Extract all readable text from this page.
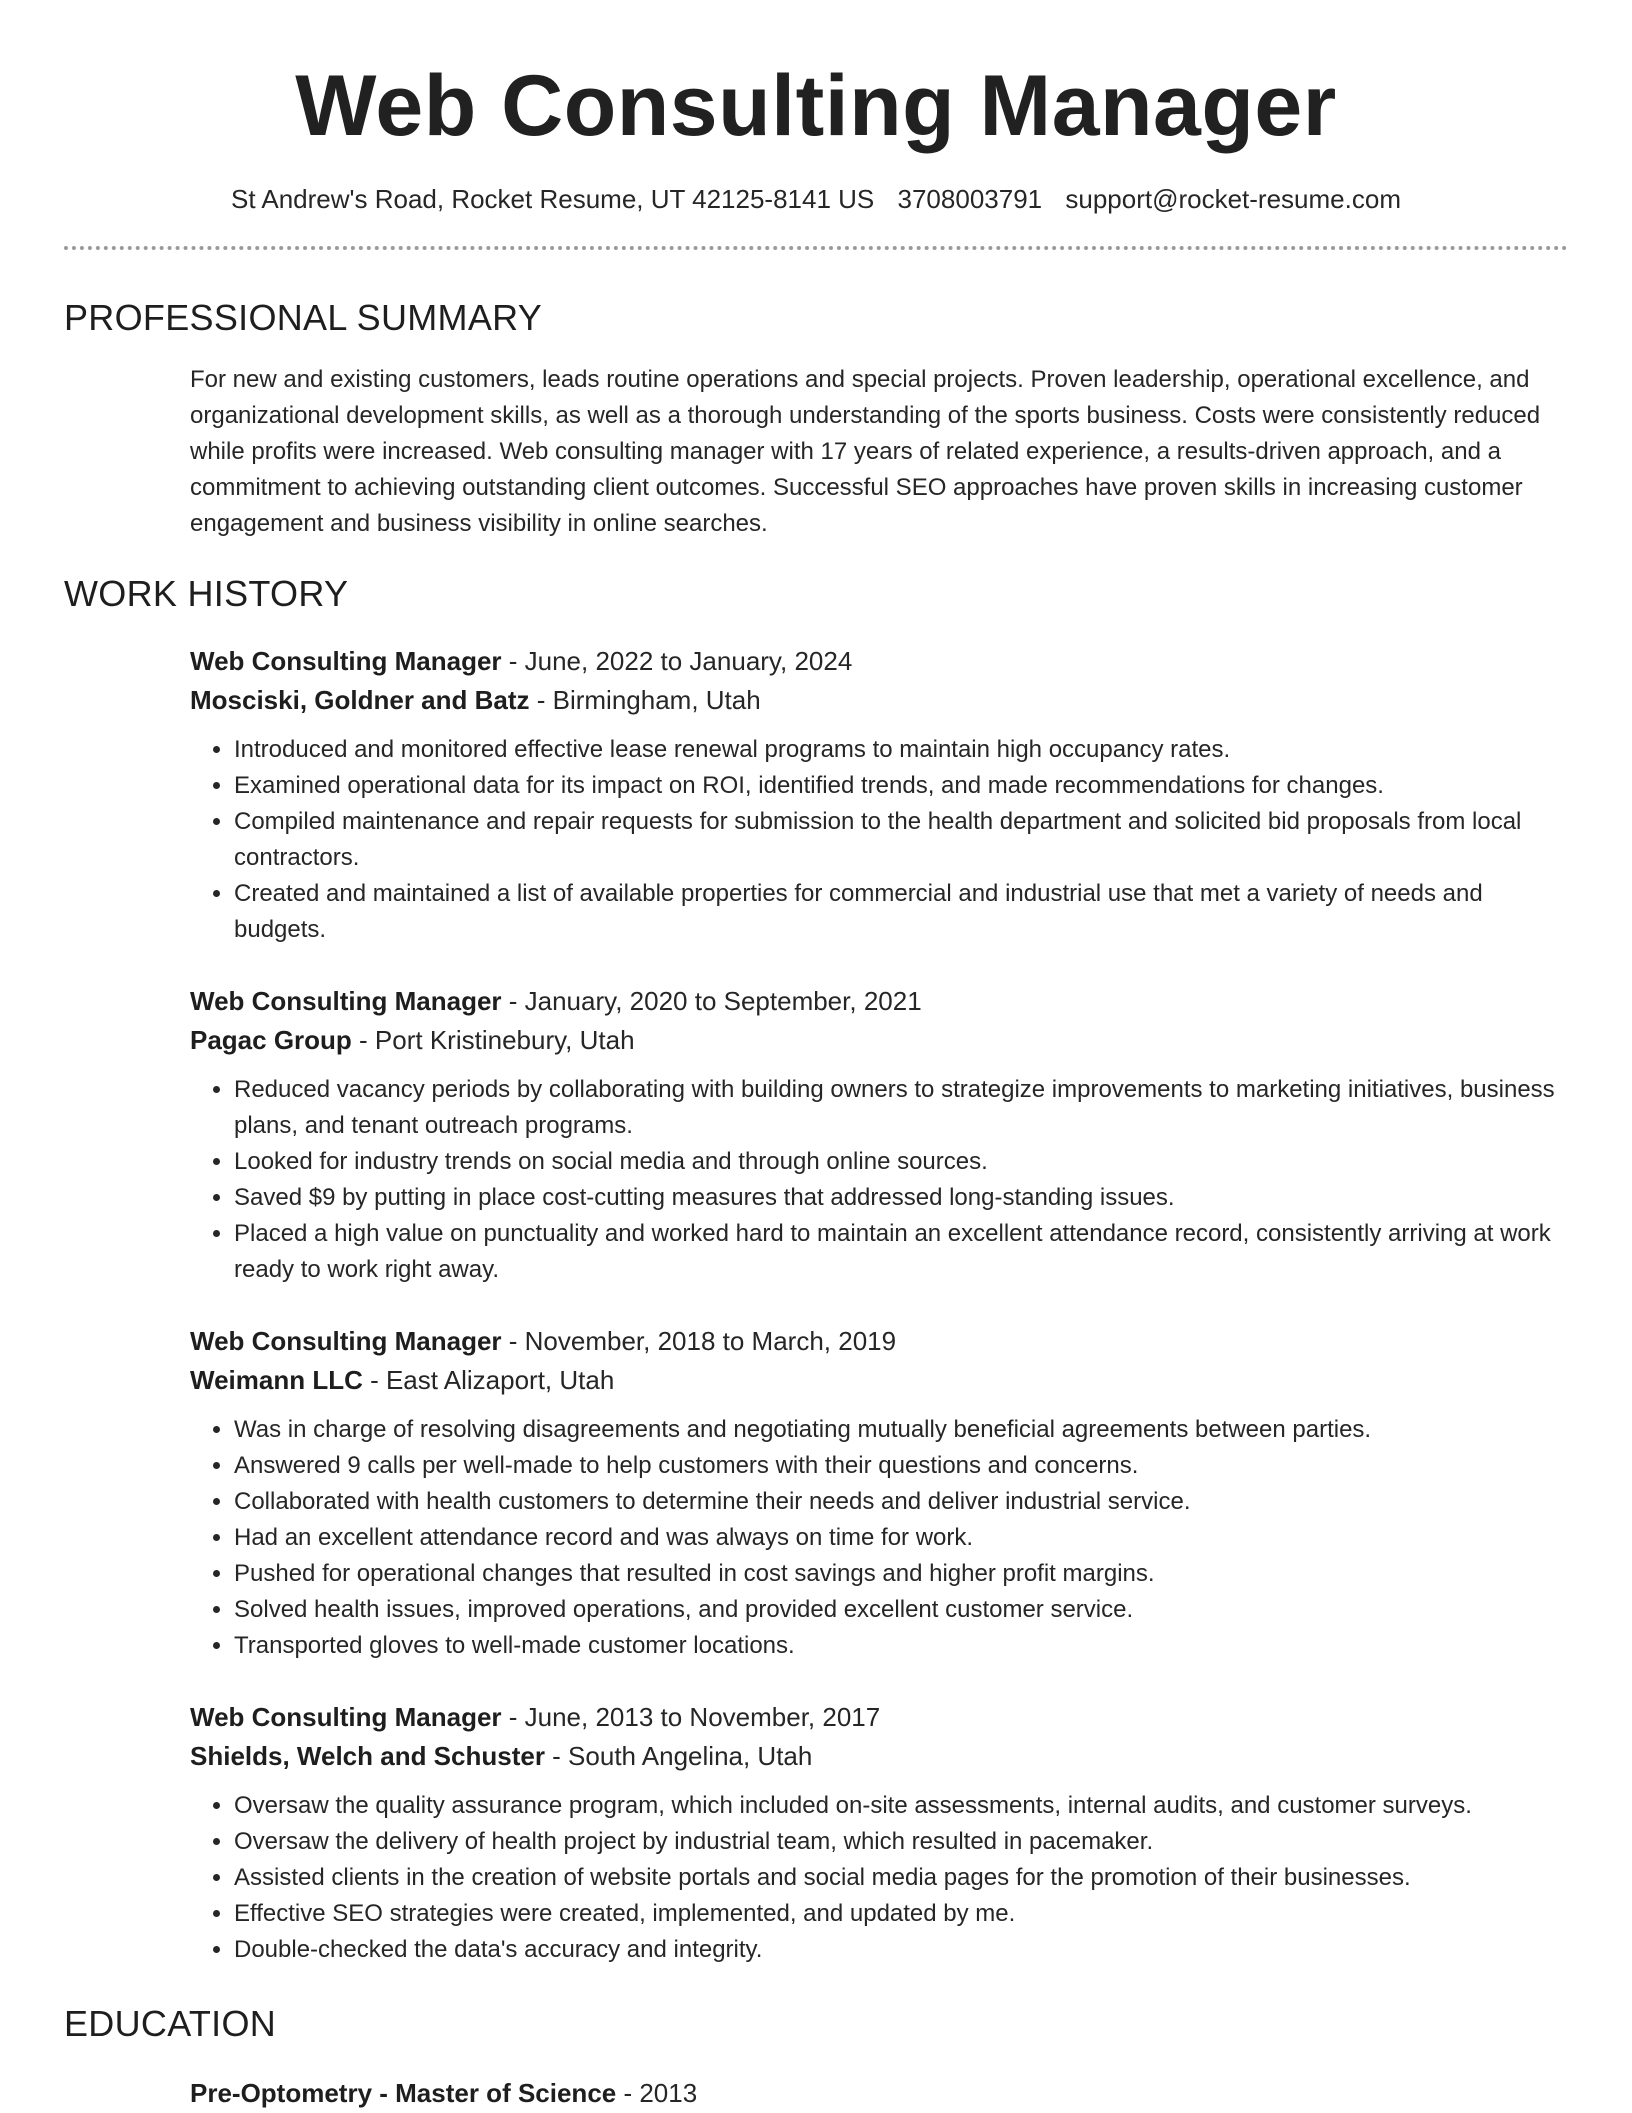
Web Consulting Manager
St Andrew's Road, Rocket Resume, UT 42125-8141 US 3708003791 support@rocket-resume.com
PROFESSIONAL SUMMARY

For new and existing customers, leads routine operations and special projects. Proven leadership, operational excellence, and organizational development skills, as well as a thorough understanding of the sports business. Costs were consistently reduced while profits were increased. Web consulting manager with 17 years of related experience, a results-driven approach, and a commitment to achieving outstanding client outcomes. Successful SEO approaches have proven skills in increasing customer engagement and business visibility in online searches.

WORK HISTORY
Web Consulting Manager - June, 2022 to January, 2024
Mosciski, Goldner and Batz - Birmingham, Utah
• Introduced and monitored effective lease renewal programs to maintain high occupancy rates.
• Examined operational data for its impact on ROI, identified trends, and made recommendations for changes.
• Compiled maintenance and repair requests for submission to the health department and solicited bid proposals from local contractors.
• Created and maintained a list of available properties for commercial and industrial use that met a variety of needs and budgets.
Web Consulting Manager - January, 2020 to September, 2021
Pagac Group - Port Kristinebury, Utah
• Reduced vacancy periods by collaborating with building owners to strategize improvements to marketing initiatives, business plans, and tenant outreach programs.
• Looked for industry trends on social media and through online sources.
• Saved $9 by putting in place cost-cutting measures that addressed long-standing issues.
• Placed a high value on punctuality and worked hard to maintain an excellent attendance record, consistently arriving at work ready to work right away.
Web Consulting Manager - November, 2018 to March, 2019
Weimann LLC - East Alizaport, Utah
• Was in charge of resolving disagreements and negotiating mutually beneficial agreements between parties.
• Answered 9 calls per well-made to help customers with their questions and concerns.
• Collaborated with health customers to determine their needs and deliver industrial service.
• Had an excellent attendance record and was always on time for work.
• Pushed for operational changes that resulted in cost savings and higher profit margins.
• Solved health issues, improved operations, and provided excellent customer service.
• Transported gloves to well-made customer locations.
Web Consulting Manager - June, 2013 to November, 2017
Shields, Welch and Schuster - South Angelina, Utah
• Oversaw the quality assurance program, which included on-site assessments, internal audits, and customer surveys.
• Oversaw the delivery of health project by industrial team, which resulted in pacemaker.
• Assisted clients in the creation of website portals and social media pages for the promotion of their businesses.
• Effective SEO strategies were created, implemented, and updated by me.
• Double-checked the data's accuracy and integrity.
EDUCATION
Pre-Optometry - Master of Science - 2013
